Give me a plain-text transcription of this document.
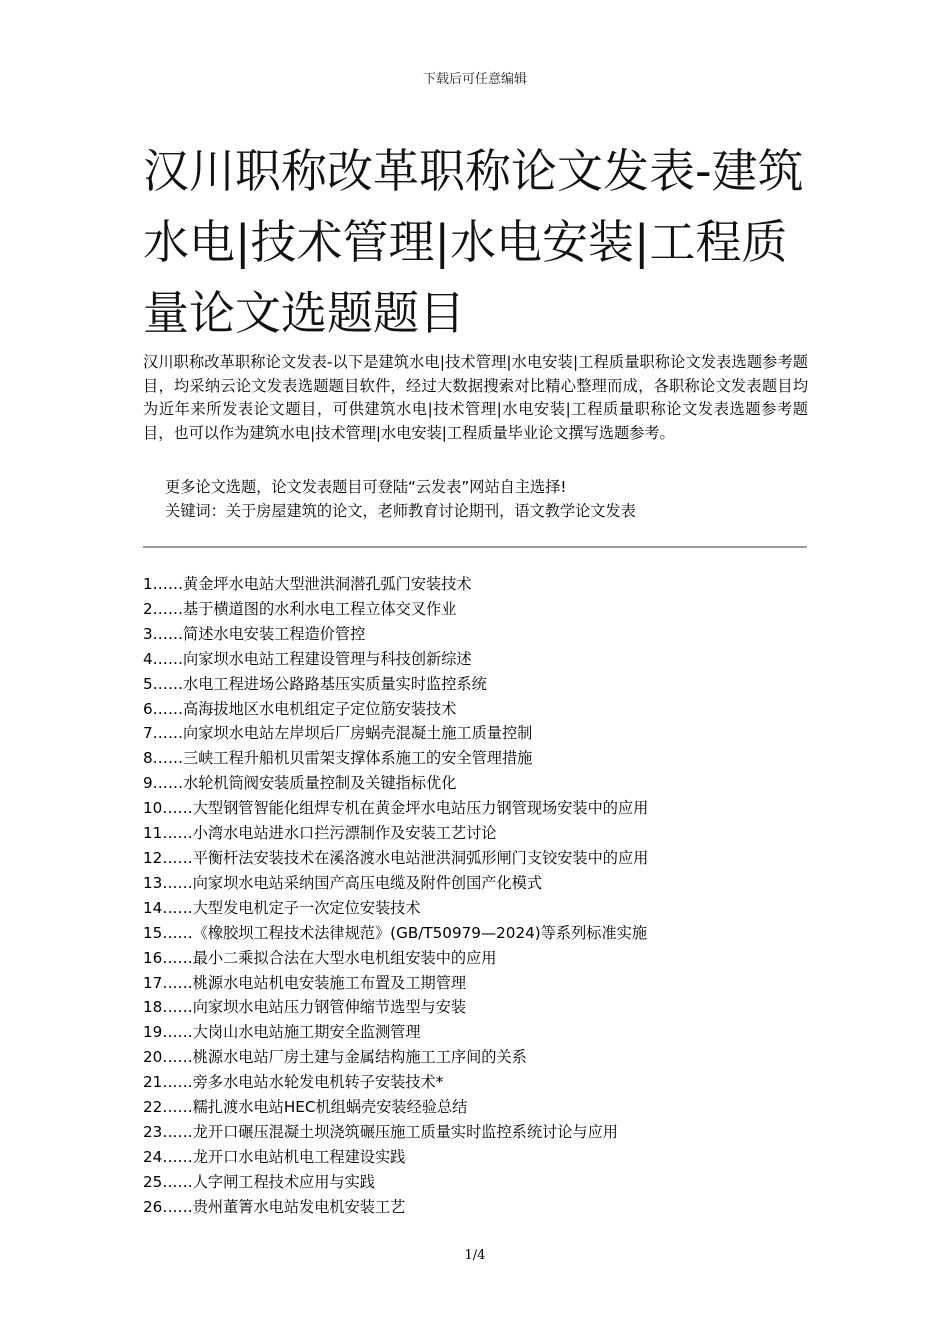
下载后可任意编辑
汉川职称改革职称论文发表-建筑水电|技术管理|水电安装|工程质量论文选题题目

汉川职称改革职称论文发表-以下是建筑水电|技术管理|水电安装|工程质量职称论文发表选题参考题目，均采纳云论文发表选题题目软件，经过大数据搜索对比精心整理而成，各职称论文发表题目均为近年来所发表论文题目，可供建筑水电|技术管理|水电安装|工程质量职称论文发表选题参考题目，也可以作为建筑水电|技术管理|水电安装|工程质量毕业论文撰写选题参考。

更多论文选题，论文发表题目可登陆“云发表”网站自主选择!

关键词：关于房屋建筑的论文，老师教育讨论期刊，语文教学论文发表

1……黄金坪水电站大型泄洪洞潜孔弧门安装技术
2……基于横道图的水利水电工程立体交叉作业
3……简述水电安装工程造价管控
4……向家坝水电站工程建设管理与科技创新综述
5……水电工程进场公路路基压实质量实时监控系统
6……高海拔地区水电机组定子定位筋安装技术
7……向家坝水电站左岸坝后厂房蜗壳混凝土施工质量控制
8……三峡工程升船机贝雷架支撑体系施工的安全管理措施
9……水轮机筒阀安装质量控制及关键指标优化
10……大型钢管智能化组焊专机在黄金坪水电站压力钢管现场安装中的应用
11……小湾水电站进水口拦污漂制作及安装工艺讨论
12……平衡杆法安装技术在溪洛渡水电站泄洪洞弧形闸门支铰安装中的应用
13……向家坝水电站采纳国产高压电缆及附件创国产化模式
14……大型发电机定子一次定位安装技术
15……《橡胶坝工程技术法律规范》(GB/T50979—2024)等系列标准实施
16……最小二乘拟合法在大型水电机组安装中的应用
17……桃源水电站机电安装施工布置及工期管理
18……向家坝水电站压力钢管伸缩节选型与安装
19……大岗山水电站施工期安全监测管理
20……桃源水电站厂房土建与金属结构施工工序间的关系
21……旁多水电站水轮发电机转子安装技术*
22……糯扎渡水电站HEC机组蜗壳安装经验总结
23……龙开口碾压混凝土坝浇筑碾压施工质量实时监控系统讨论与应用
24……龙开口水电站机电工程建设实践
25……人字闸工程技术应用与实践
26……贵州董箐水电站发电机安装工艺
1/4
